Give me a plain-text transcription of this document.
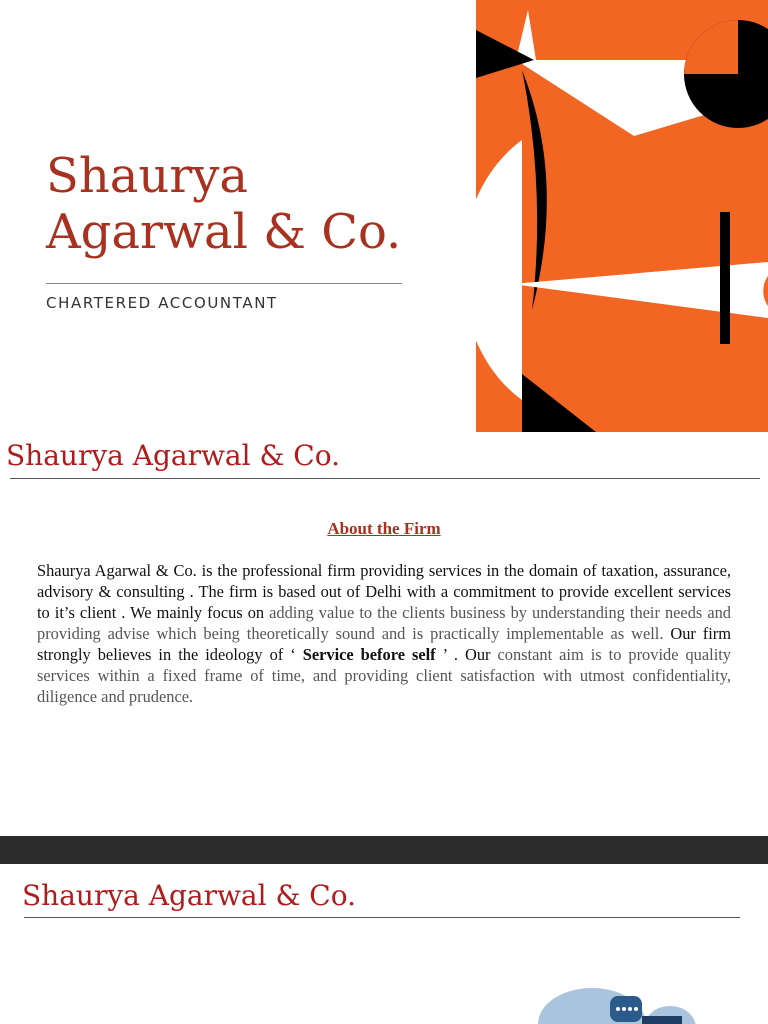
Shaurya
Agarwal & Co.
CHARTERED ACCOUNTANT
Shaurya Agarwal & Co.
About the Firm

Shaurya Agarwal & Co. is the professional firm providing services in the domain of taxation, assurance, advisory & consulting . The firm is based out of Delhi with a commitment to provide excellent services to it’s client . We mainly focus on adding value to the clients business by understanding their needs and providing advise which being theoretically sound and is practically implementable as well. Our firm strongly believes in the ideology of ‘ Service before self ’ . Our constant aim is to provide quality services within a fixed frame of time, and providing client satisfaction with utmost confidentiality, diligence and prudence.

Shaurya Agarwal & Co.
